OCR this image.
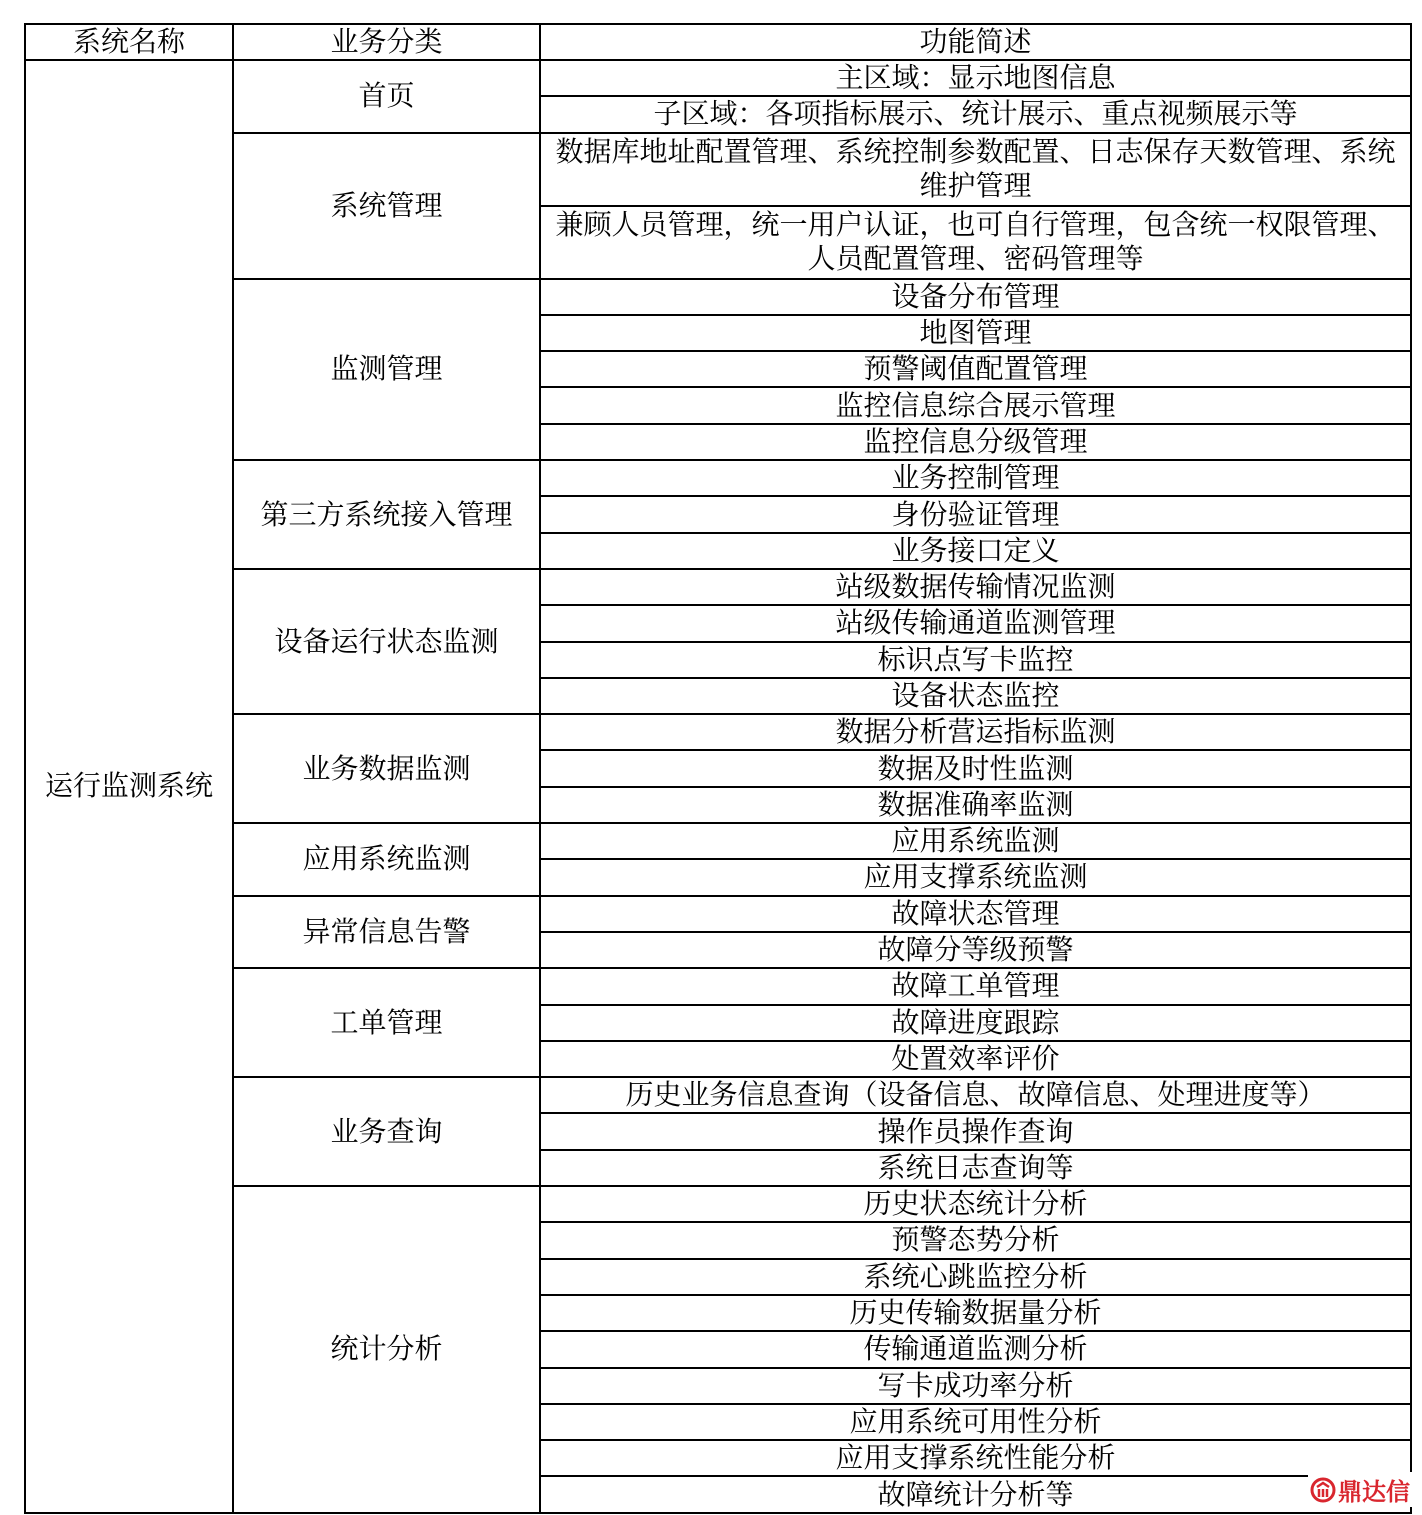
系统名称	业务分类	功能简述
运行监测系统	首页	主区域：显示地图信息
		子区域：各项指标展示、统计展示、重点视频展示等
	系统管理	数据库地址配置管理、系统控制参数配置、日志保存天数管理、系统维护管理
		兼顾人员管理，统一用户认证，也可自行管理，包含统一权限管理、人员配置管理、密码管理等
	监测管理	设备分布管理
		地图管理
		预警阈值配置管理
		监控信息综合展示管理
		监控信息分级管理
	第三方系统接入管理	业务控制管理
		身份验证管理
		业务接口定义
	设备运行状态监测	站级数据传输情况监测
		站级传输通道监测管理
		标识点写卡监控
		设备状态监控
	业务数据监测	数据分析营运指标监测
		数据及时性监测
		数据准确率监测
	应用系统监测	应用系统监测
		应用支撑系统监测
	异常信息告警	故障状态管理
		故障分等级预警
	工单管理	故障工单管理
		故障进度跟踪
		处置效率评价
	业务查询	历史业务信息查询（设备信息、故障信息、处理进度等）
		操作员操作查询
		系统日志查询等
	统计分析	历史状态统计分析
		预警态势分析
		系统心跳监控分析
		历史传输数据量分析
		传输通道监测分析
		写卡成功率分析
		应用系统可用性分析
		应用支撑系统性能分析
		故障统计分析等	鼎达信
